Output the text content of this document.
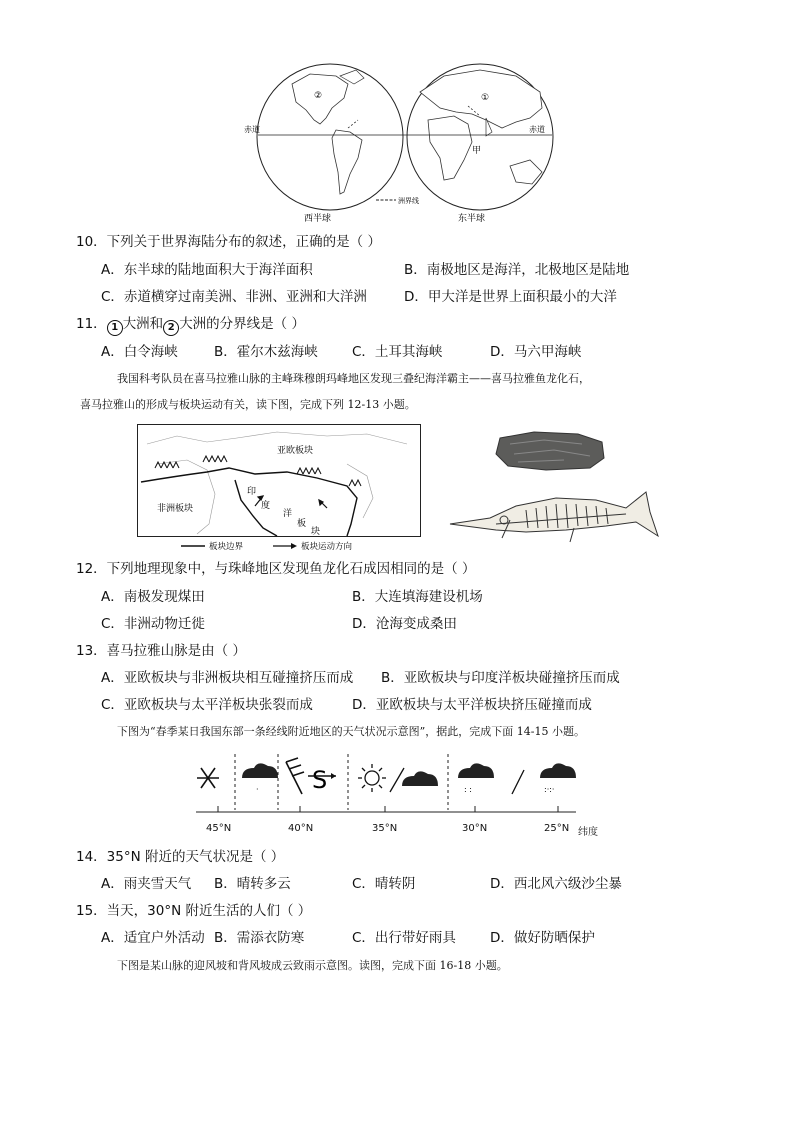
②	①
甲
赤道	赤道
洲界线
西半球	东半球
10．下列关于世界海陆分布的叙述，正确的是（ ）
A．东半球的陆地面积大于海洋面积	B．南极地区是海洋，北极地区是陆地
C．赤道横穿过南美洲、非洲、亚洲和大洋洲	D．甲大洋是世界上面积最小的大洋
11． 1 大洲和 2 大洲的分界线是（ ）
A．白令海峡	B．霍尔木兹海峡	C．土耳其海峡	D．马六甲海峡
我国科考队员在喜马拉雅山脉的主峰珠穆朗玛峰地区发现三叠纪海洋霸主——喜马拉雅鱼龙化石，
喜马拉雅山的形成与板块运动有关，读下图，完成下列 12-13 小题。
亚欧板块
非洲板块
印
度
洋
板
块
板块边界	板块运动方向
12．下列地理现象中，与珠峰地区发现鱼龙化石成因相同的是（ ）
A．南极发现煤田	B．大连填海建设机场
C．非洲动物迁徙	D．沧海变成桑田
13．喜马拉雅山脉是由（ ）
A．亚欧板块与非洲板块相互碰撞挤压而成 B．亚欧板块与印度洋板块碰撞挤压而成
C．亚欧板块与太平洋板块张裂而成	D．亚欧板块与太平洋板块挤压碰撞而成
下图为“春季某日我国东部一条经线附近地区的天气状况示意图”，据此，完成下面 14-15 小题。
· S	: :	:·:·
45°N	40°N	35°N	30°N	25°N 纬度
14．35°N 附近的天气状况是（ ）
A．雨夹雪天气 B．晴转多云	C．晴转阴	D．西北风六级沙尘暴
15．当天，30°N 附近生活的人们（ ）
A．适宜户外活动 B．需添衣防寒	C．出行带好雨具	D．做好防晒保护
下图是某山脉的迎风坡和背风坡成云致雨示意图。读图，完成下面 16-18 小题。
